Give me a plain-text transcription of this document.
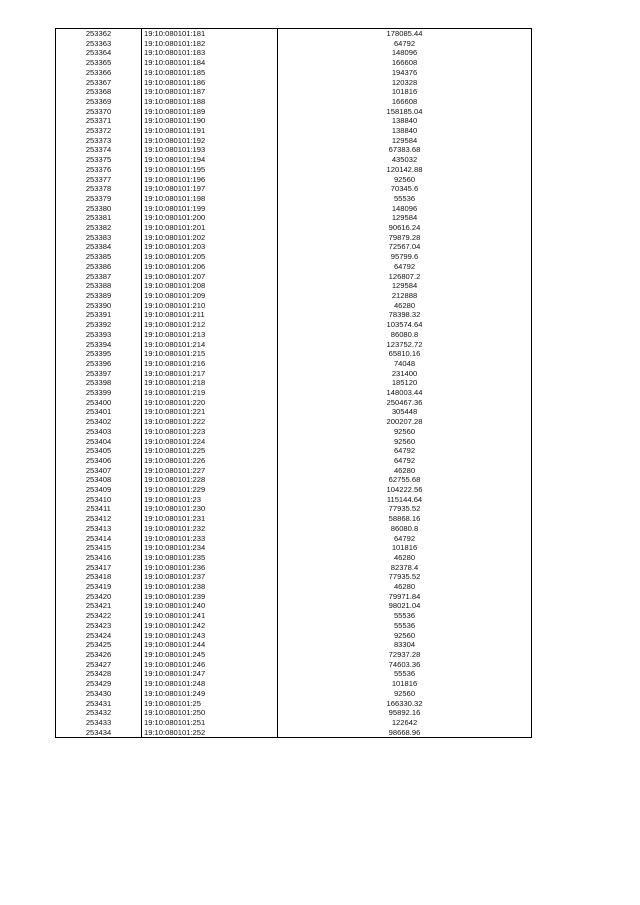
253362	19:10:080101:181	178085.44
253363	19:10:080101:182	64792
253364	19:10:080101:183	148096
253365	19:10:080101:184	166608
253366	19:10:080101:185	194376
253367	19:10:080101:186	120328
253368	19:10:080101:187	101816
253369	19:10:080101:188	166608
253370	19:10:080101:189	158185.04
253371	19:10:080101:190	138840
253372	19:10:080101:191	138840
253373	19:10:080101:192	129584
253374	19:10:080101:193	67383.68
253375	19:10:080101:194	435032
253376	19:10:080101:195	120142.88
253377	19:10:080101:196	92560
253378	19:10:080101:197	70345.6
253379	19:10:080101:198	55536
253380	19:10:080101:199	148096
253381	19:10:080101:200	129584
253382	19:10:080101:201	90616.24
253383	19:10:080101:202	79879.28
253384	19:10:080101:203	72567.04
253385	19:10:080101:205	95799.6
253386	19:10:080101:206	64792
253387	19:10:080101:207	126807.2
253388	19:10:080101:208	129584
253389	19:10:080101:209	212888
253390	19:10:080101:210	46280
253391	19:10:080101:211	78398.32
253392	19:10:080101:212	103574.64
253393	19:10:080101:213	86080.8
253394	19:10:080101:214	123752.72
253395	19:10:080101:215	65810.16
253396	19:10:080101:216	74048
253397	19:10:080101:217	231400
253398	19:10:080101:218	185120
253399	19:10:080101:219	148003.44
253400	19:10:080101:220	250467.36
253401	19:10:080101:221	305448
253402	19:10:080101:222	200207.28
253403	19:10:080101:223	92560
253404	19:10:080101:224	92560
253405	19:10:080101:225	64792
253406	19:10:080101:226	64792
253407	19:10:080101:227	46280
253408	19:10:080101:228	62755.68
253409	19:10:080101:229	104222.56
253410	19:10:080101:23	115144.64
253411	19:10:080101:230	77935.52
253412	19:10:080101:231	58868.16
253413	19:10:080101:232	86080.8
253414	19:10:080101:233	64792
253415	19:10:080101:234	101816
253416	19:10:080101:235	46280
253417	19:10:080101:236	82378.4
253418	19:10:080101:237	77935.52
253419	19:10:080101:238	46280
253420	19:10:080101:239	79971.84
253421	19:10:080101:240	98021.04
253422	19:10:080101:241	55536
253423	19:10:080101:242	55536
253424	19:10:080101:243	92560
253425	19:10:080101:244	83304
253426	19:10:080101:245	72937.28
253427	19:10:080101:246	74603.36
253428	19:10:080101:247	55536
253429	19:10:080101:248	101816
253430	19:10:080101:249	92560
253431	19:10:080101:25	166330.32
253432	19:10:080101:250	95892.16
253433	19:10:080101:251	122642
253434	19:10:080101:252	98668.96
